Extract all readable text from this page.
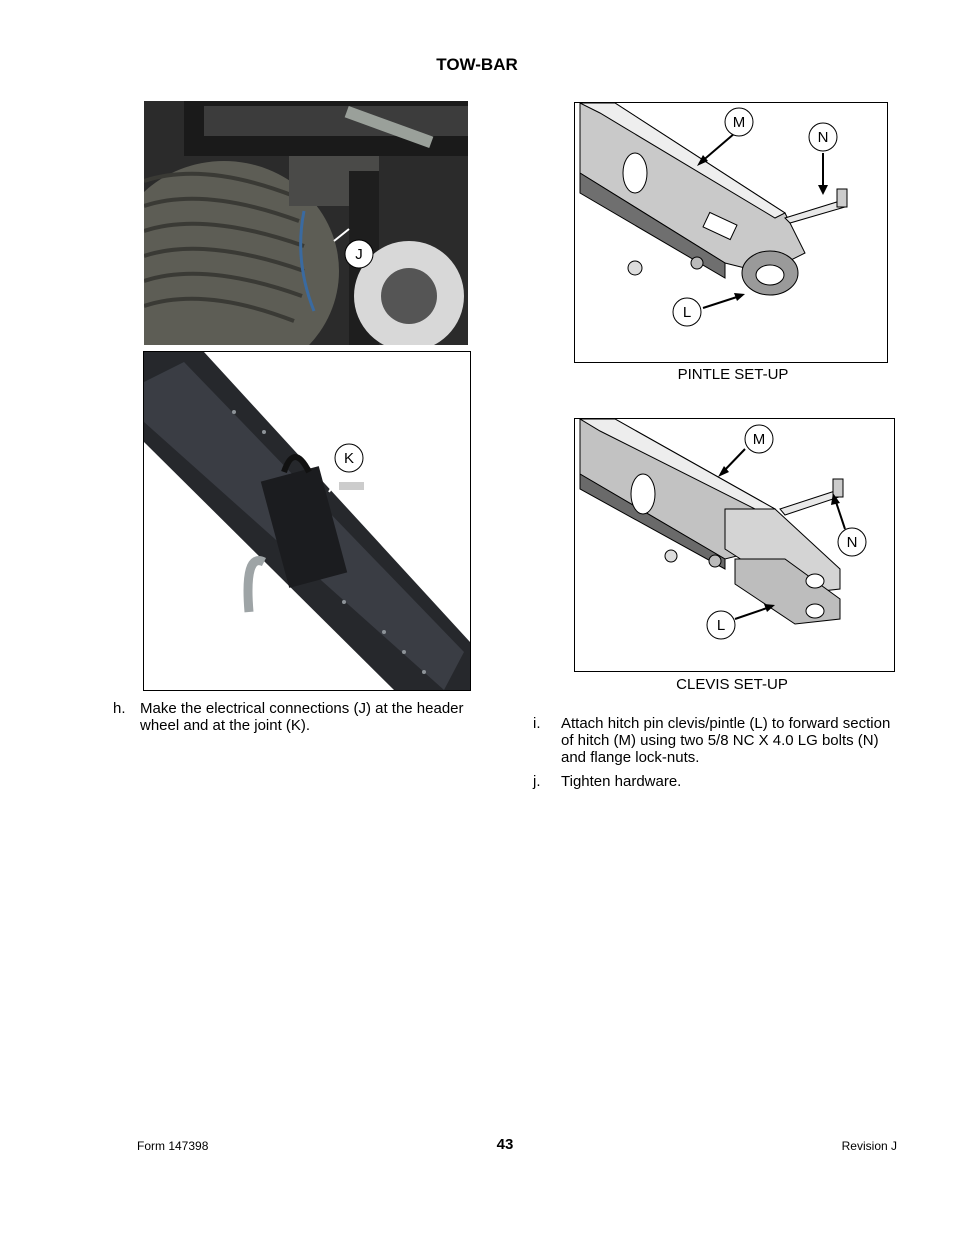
TOW-BAR
J
K
M
N
L
PINTLE SET-UP
M
N
L
CLEVIS SET-UP
h. Make the electrical connections (J) at the header wheel and at the joint (K).	i. Attach hitch pin clevis/pintle (L) to forward section of hitch (M) using two 5/8 NC X 4.0 LG bolts (N) and flange lock-nuts.
j. Tighten hardware.
Form 147398	43	Revision J
